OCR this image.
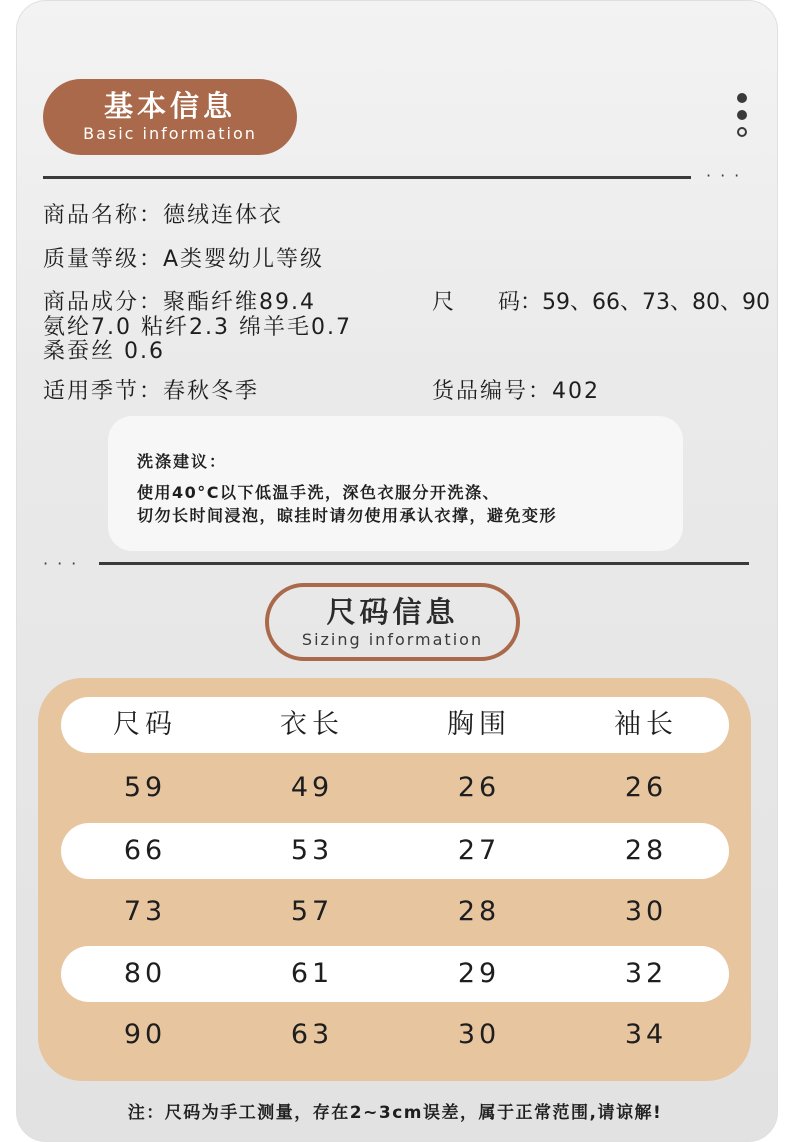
基本信息
Basic information
···
商品名称：德绒连体衣
质量等级：A类婴幼儿等级
商品成分：聚酯纤维89.4	尺　　码：59、66、73、80、90
氨纶7.0 粘纤2.3 绵羊毛0.7
桑蚕丝 0.6
适用季节：春秋冬季	货品编号：402
洗涤建议：
使用40°C以下低温手洗，深色衣服分开洗涤、
切勿长时间浸泡，晾挂时请勿使用承认衣撑，避免变形
···
尺码信息
Sizing information
尺码	衣长	胸围	袖长
59	49	26	26
66	53	27	28
73	57	28	30
80	61	29	32
90	63	30	34
注：尺码为手工测量，存在2~3cm误差，属于正常范围,请谅解!
